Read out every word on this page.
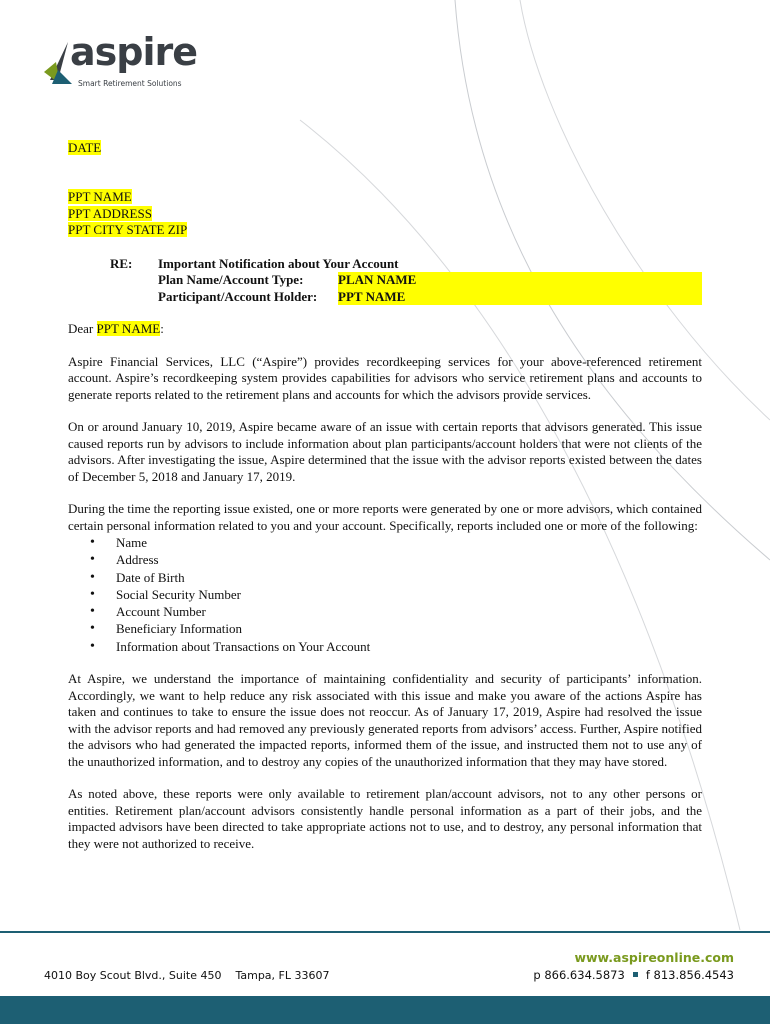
aspire
Smart Retirement Solutions
DATE
PPT NAME
PPT ADDRESS
PPT CITY STATE ZIP
RE:	Important Notification about Your Account
Plan Name/Account Type:	PLAN NAME
Participant/Account Holder:	PPT NAME
Dear PPT NAME:

Aspire Financial Services, LLC (“Aspire”) provides recordkeeping services for your above-referenced retirement account. Aspire’s recordkeeping system provides capabilities for advisors who service retirement plans and accounts to generate reports related to the retirement plans and accounts for which the advisors provide services.

On or around January 10, 2019, Aspire became aware of an issue with certain reports that advisors generated. This issue caused reports run by advisors to include information about plan participants/account holders that were not clients of the advisors. After investigating the issue, Aspire determined that the issue with the advisor reports existed between the dates of December 5, 2018 and January 17, 2019.

During the time the reporting issue existed, one or more reports were generated by one or more advisors, which contained certain personal information related to you and your account. Specifically, reports included one or more of the following:

• Name
• Address
• Date of Birth
• Social Security Number
• Account Number
• Beneficiary Information
• Information about Transactions on Your Account

At Aspire, we understand the importance of maintaining confidentiality and security of participants’ information. Accordingly, we want to help reduce any risk associated with this issue and make you aware of the actions Aspire has taken and continues to take to ensure the issue does not reoccur. As of January 17, 2019, Aspire had resolved the issue with the advisor reports and had removed any previously generated reports from advisors’ access. Further, Aspire notified the advisors who had generated the impacted reports, informed them of the issue, and instructed them not to use any of the unauthorized information, and to destroy any copies of the unauthorized information that they may have stored.

As noted above, these reports were only available to retirement plan/account advisors, not to any other persons or entities. Retirement plan/account advisors consistently handle personal information as a part of their jobs, and the impacted advisors have been directed to take appropriate actions not to use, and to destroy, any personal information that they were not authorized to receive.

www.aspireonline.com
4010 Boy Scout Blvd., Suite 450    Tampa, FL 33607	p 866.634.5873 f 813.856.4543
